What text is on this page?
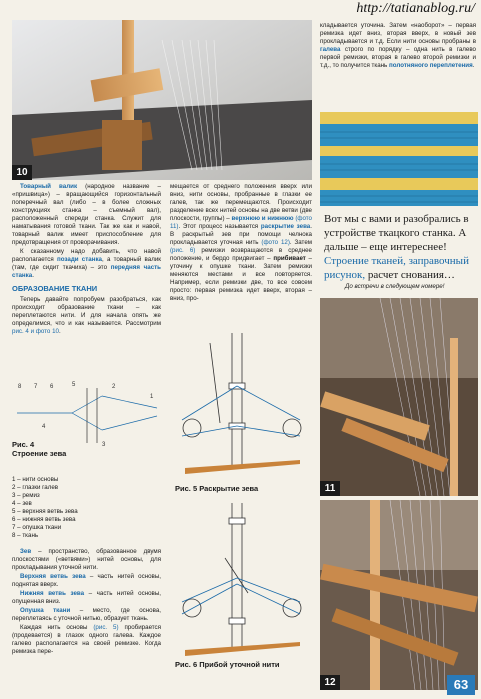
http://tatianablog.ru/
10

Товарный валик (народное название – «пришвица») – вращающийся горизонтальный поперечный вал (либо – в более сложных конструкциях станка – съемный вал), расположенный спереди станка. Служит для наматывания готовой ткани. Так же как и навой, товарный валик имеет приспособление для предотвращения от проворачивания.

К сказанному надо добавить, что навой располагается позади станка, а товарный валик (там, где сидит ткачиха) – это передняя часть станка.

ОБРАЗОВАНИЕ ТКАНИ

Теперь давайте попробуем разобраться, как происходит образование ткани – как переплетаются нити. И для начала опять же определимся, что и как называется. Рассмотрим рис. 4 и фото 10.

8 7 6	5
4
1
2
3
Рис. 4
Строение зева
1 – нити основы
2 – глазки галев
3 – ремиз
4 – зев
5 – верхняя ветвь зева
6 – нижняя ветвь зева
7 – опушка ткани
8 – ткань

Зев – пространство, образованное двумя плоскостями («ветвями») нитей основы, для прокладывания уточной нити.

Верхняя ветвь зева – часть нитей основы, поднятая вверх.

Нижняя ветвь зева – часть нитей основы, опущенная вниз.

Опушка ткани – место, где основа, переплетаясь с уточной нитью, образует ткань.

Каждая нить основы (рис. 5) пробирается (продевается) в глазок одного галева. Каждое галево располагается на своей ремизке. Когда ремизка пере-

мещается от среднего положения вверх или вниз, нити основы, пробранные в глазки ее галев, так же перемещаются. Происходит разделение всех нитей основы на две ветви (две плоскости, группы) – верхнюю и нижнюю (фото 11). Этот процесс называется раскрытие зева. В раскрытый зев при помощи челнока прокладывается уточная нить (фото 12). Затем (рис. 6) ремизки возвращаются в среднее положение, и бердо придвигает – прибивает – уточину к опушке ткани. Затем ремизки меняются местами и все повторяется. Например, если ремизки две, то все совсем просто: первая ремизка идет вверх, вторая – вниз, про-

Рис. 5 Раскрытие зева
Рис. 6 Прибой уточной нити

кладывается уточина. Затем «наоборот» – первая ремизка идет вниз, вторая вверх, в новый зев прокладывается и т.д. Если нити основы пробраны в галева строго по порядку – одна нить в галево первой ремизки, вторая в галево второй ремизки и т.д., то получится ткань полотняного переплетения.

Вот мы с вами и разобрались в устройстве ткацкого станка. А дальше – еще интереснее! Строение тканей, заправочный рисунок, расчет снования…
До встречи в следующем номере!
11
12	63
